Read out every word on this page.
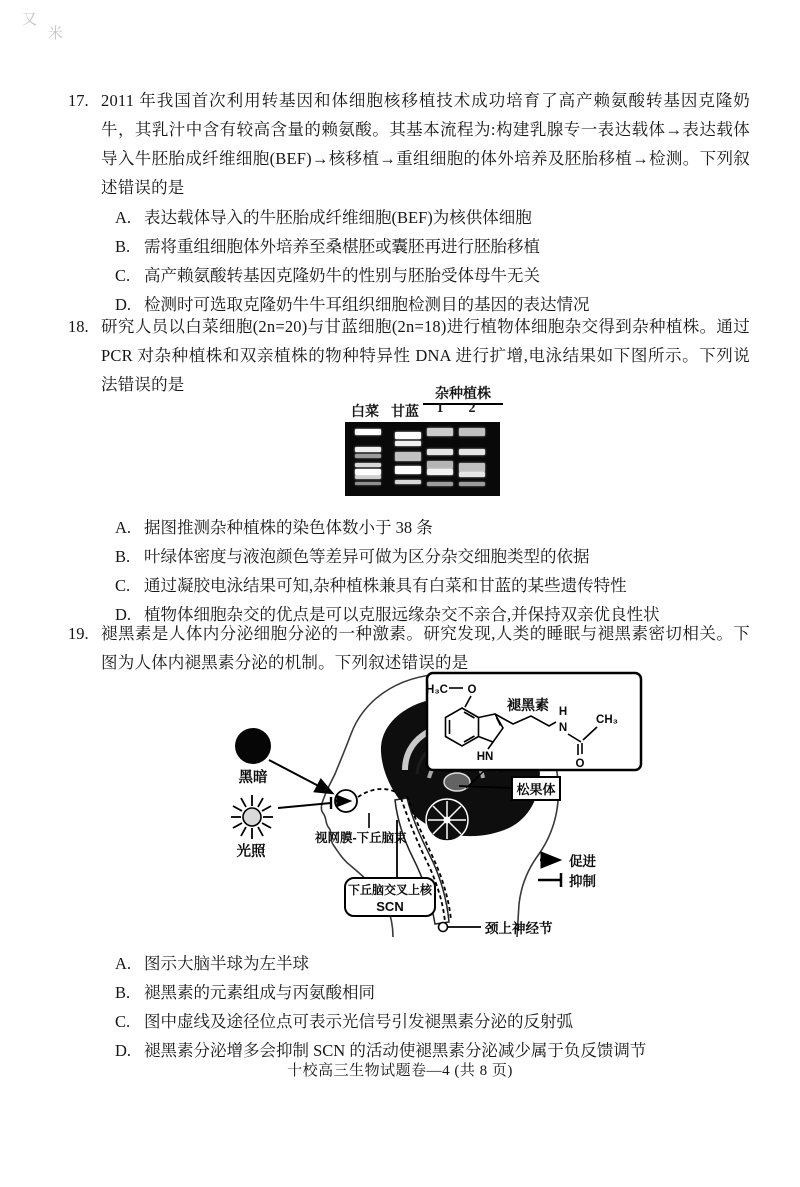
又
米
17. 2011 年我国首次利用转基因和体细胞核移植技术成功培育了高产赖氨酸转基因克隆奶牛，其乳汁中含有较高含量的赖氨酸。其基本流程为:构建乳腺专一表达载体→表达载体导入牛胚胎成纤维细胞(BEF)→核移植→重组细胞的体外培养及胚胎移植→检测。下列叙述错误的是
A. 表达载体导入的牛胚胎成纤维细胞(BEF)为核供体细胞
B. 需将重组细胞体外培养至桑椹胚或囊胚再进行胚胎移植
C. 高产赖氨酸转基因克隆奶牛的性别与胚胎受体母牛无关
D. 检测时可选取克隆奶牛牛耳组织细胞检测目的基因的表达情况
18. 研究人员以白菜细胞(2n=20)与甘蓝细胞(2n=18)进行植物体细胞杂交得到杂种植株。通过 PCR 对杂种植株和双亲植株的物种特异性 DNA 进行扩增,电泳结果如下图所示。下列说法错误的是
白菜 甘蓝
杂种植株
1	2
A. 据图推测杂种植株的染色体数小于 38 条
B. 叶绿体密度与液泡颜色等差异可做为区分杂交细胞类型的依据
C. 通过凝胶电泳结果可知,杂种植株兼具有白菜和甘蓝的某些遗传特性
D. 植物体细胞杂交的优点是可以克服远缘杂交不亲合,并保持双亲优良性状
19. 褪黑素是人体内分泌细胞分泌的一种激素。研究发现,人类的睡眠与褪黑素密切相关。下图为人体内褪黑素分泌的机制。下列叙述错误的是
黑暗
光照
视网膜-下丘脑束
下丘脑交叉上核
SCN
松果体
颈上神经节
促进
抑制
褪黑素
H₃C O
H
N
CH₃
HN
O
A. 图示大脑半球为左半球
B. 褪黑素的元素组成与丙氨酸相同
C. 图中虚线及途径位点可表示光信号引发褪黑素分泌的反射弧
D. 褪黑素分泌增多会抑制 SCN 的活动使褪黑素分泌减少属于负反馈调节
十校高三生物试题卷—4 (共 8 页)
